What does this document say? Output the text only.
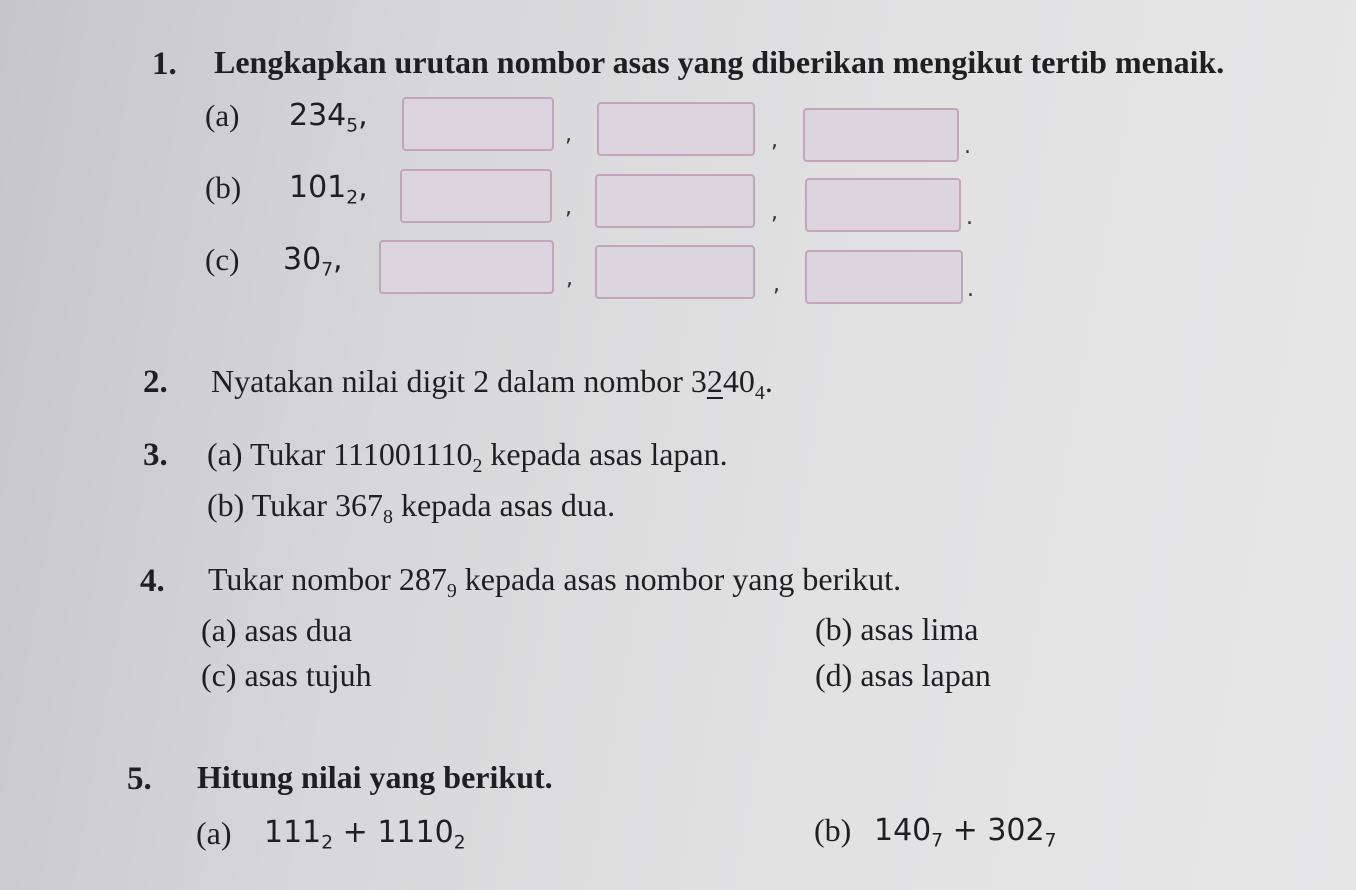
1. Lengkapkan urutan nombor asas yang diberikan mengikut tertib menaik.
(a) $234_5$,
,	,	.
(b) $101_2$,
,	,	.
(c) $30_7$,
,	,	.
2. Nyatakan nilai digit 2 dalam nombor $3240_4$.
3. (a) Tukar $111001110_2$ kepada asas lapan.
(b) Tukar $367_8$ kepada asas dua.
4. Tukar nombor $287_9$ kepada asas nombor yang berikut.
(a) asas dua	(b) asas lima
(c) asas tujuh	(d) asas lapan
5. Hitung nilai yang berikut.
(a) $111_2 + 1110_2$	(b) $140_7 + 302_7$
